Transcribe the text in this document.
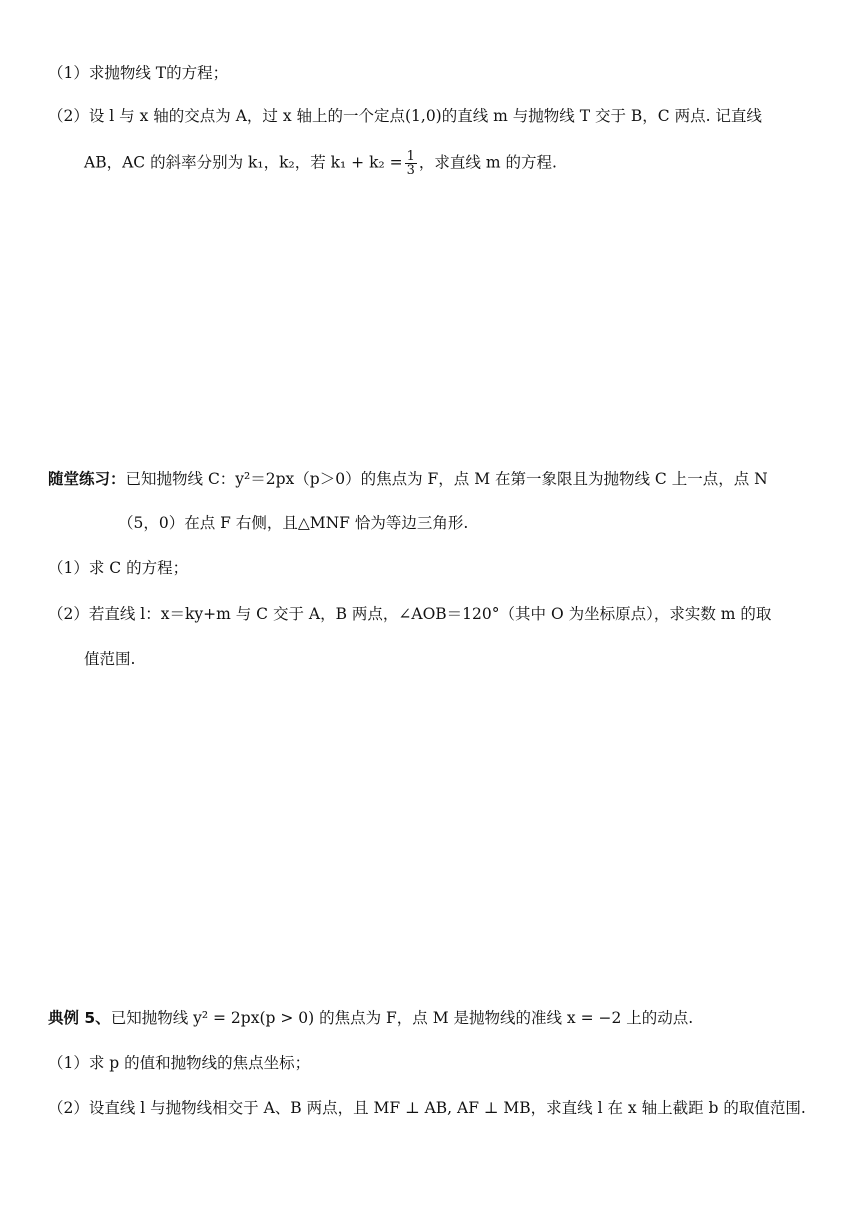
（1）求抛物线 T的方程；
（2）设 l 与 x 轴的交点为 A，过 x 轴上的一个定点(1,0)的直线 m 与抛物线 T 交于 B，C 两点. 记直线
AB，AC 的斜率分别为 k₁，k₂，若 $k_1 + k_2 = \frac{1}{3}$ ，求直线 m 的方程.
随堂练习：已知抛物线 C：y²＝2px（p＞0）的焦点为 F，点 M 在第一象限且为抛物线 C 上一点，点 N
（5，0）在点 F 右侧，且△MNF 恰为等边三角形.
（1）求 C 的方程；
（2）若直线 l：x＝ky+m 与 C 交于 A，B 两点，∠AOB＝120°（其中 O 为坐标原点），求实数 m 的取
值范围.
典例 5、已知抛物线 y² = 2px(p > 0) 的焦点为 F，点 M 是抛物线的准线 x = −2 上的动点.
（1）求 p 的值和抛物线的焦点坐标；
（2）设直线 l 与抛物线相交于 A、B 两点，且 MF ⊥ AB, AF ⊥ MB，求直线 l 在 x 轴上截距 b 的取值范围.
